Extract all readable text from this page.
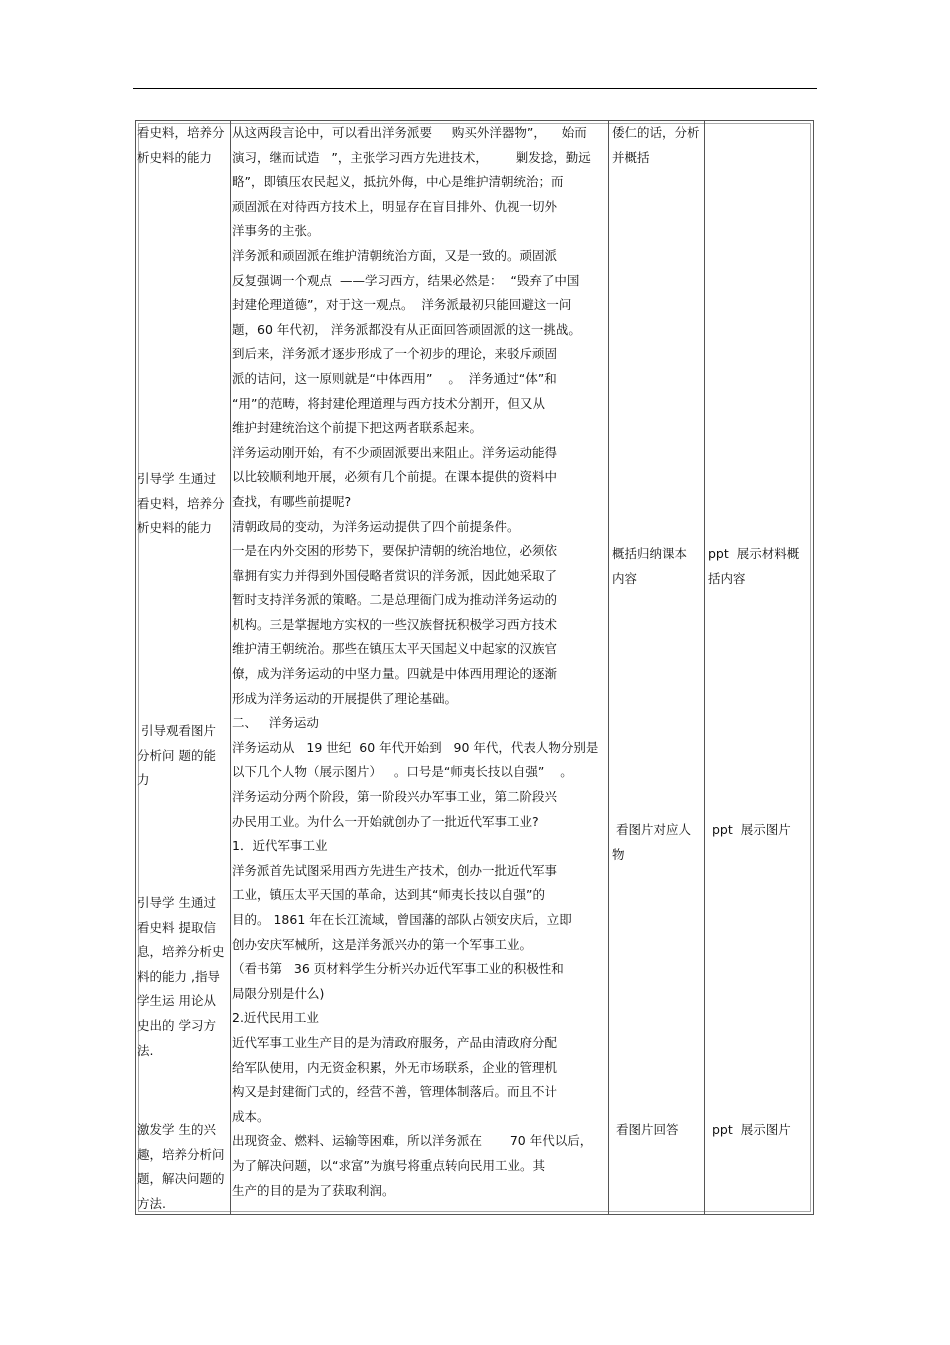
看史料，培养分
析史料的能力
引导学 生通过
看史料，培养分
析史料的能力
引导观看图片
分析问 题的能
力
引导学 生通过
看史料 提取信
息，培养分析史
料的能力 ,指导
学生运 用论从
史出的 学习方
法.
激发学 生的兴
趣，培养分析问
题，解决问题的
方法.
从这两段言论中，可以看出洋务派要     购买外洋器物”，    始而
演习，继而试造   ”，主张学习西方先进技术，       剿发捻，勤远
略”，即镇压农民起义，抵抗外侮，中心是维护清朝统治；而
顽固派在对待西方技术上，明显存在盲目排外、仇视一切外
洋事务的主张。
洋务派和顽固派在维护清朝统治方面，又是一致的。顽固派
反复强调一个观点  ——学习西方，结果必然是：  “毁弃了中国
封建伦理道德”，对于这一观点。  洋务派最初只能回避这一问
题，60 年代初， 洋务派都没有从正面回答顽固派的这一挑战。
到后来，洋务派才逐步形成了一个初步的理论，来驳斥顽固
派的诘问，这一原则就是“中体西用”    。  洋务通过“体”和
“用”的范畴，将封建伦理道理与西方技术分割开，但又从
维护封建统治这个前提下把这两者联系起来。
洋务运动刚开始，有不少顽固派要出来阻止。洋务运动能得
以比较顺利地开展，必须有几个前提。在课本提供的资料中
查找，有哪些前提呢?
清朝政局的变动，为洋务运动提供了四个前提条件。
一是在内外交困的形势下，要保护清朝的统治地位，必须依
靠拥有实力并得到外国侵略者赏识的洋务派，因此她采取了
暂时支持洋务派的策略。二是总理衙门成为推动洋务运动的
机构。三是掌握地方实权的一些汉族督抚积极学习西方技术
维护清王朝统治。那些在镇压太平天国起义中起家的汉族官
僚，成为洋务运动的中坚力量。四就是中体西用理论的逐渐
形成为洋务运动的开展提供了理论基础。
二、   洋务运动
洋务运动从   19 世纪  60 年代开始到   90 年代，代表人物分别是
以下几个人物（展示图片）   。口号是“师夷长技以自强”    。
洋务运动分两个阶段，第一阶段兴办军事工业，第二阶段兴
办民用工业。为什么一开始就创办了一批近代军事工业?
1．近代军事工业
洋务派首先试图采用西方先进生产技术，创办一批近代军事
工业，镇压太平天国的革命，达到其“师夷长技以自强”的
目的。 1861 年在长江流域，曾国藩的部队占领安庆后，立即
创办安庆军械所，这是洋务派兴办的第一个军事工业。
（看书第   36 页材料学生分析兴办近代军事工业的积极性和
局限分别是什么)
2.近代民用工业
近代军事工业生产目的是为清政府服务，产品由清政府分配
给军队使用，内无资金积累，外无市场联系，企业的管理机
构又是封建衙门式的，经营不善，管理体制落后。而且不计
成本。
出现资金、燃料、运输等困难，所以洋务派在       70 年代以后，
为了解决问题，以“求富”为旗号将重点转向民用工业。其
生产的目的是为了获取利润。
倭仁的话，分析
并概括
概括归纳课本
内容
看图片对应人
物
看图片回答
ppt  展示材料概
括内容
ppt  展示图片
ppt  展示图片
